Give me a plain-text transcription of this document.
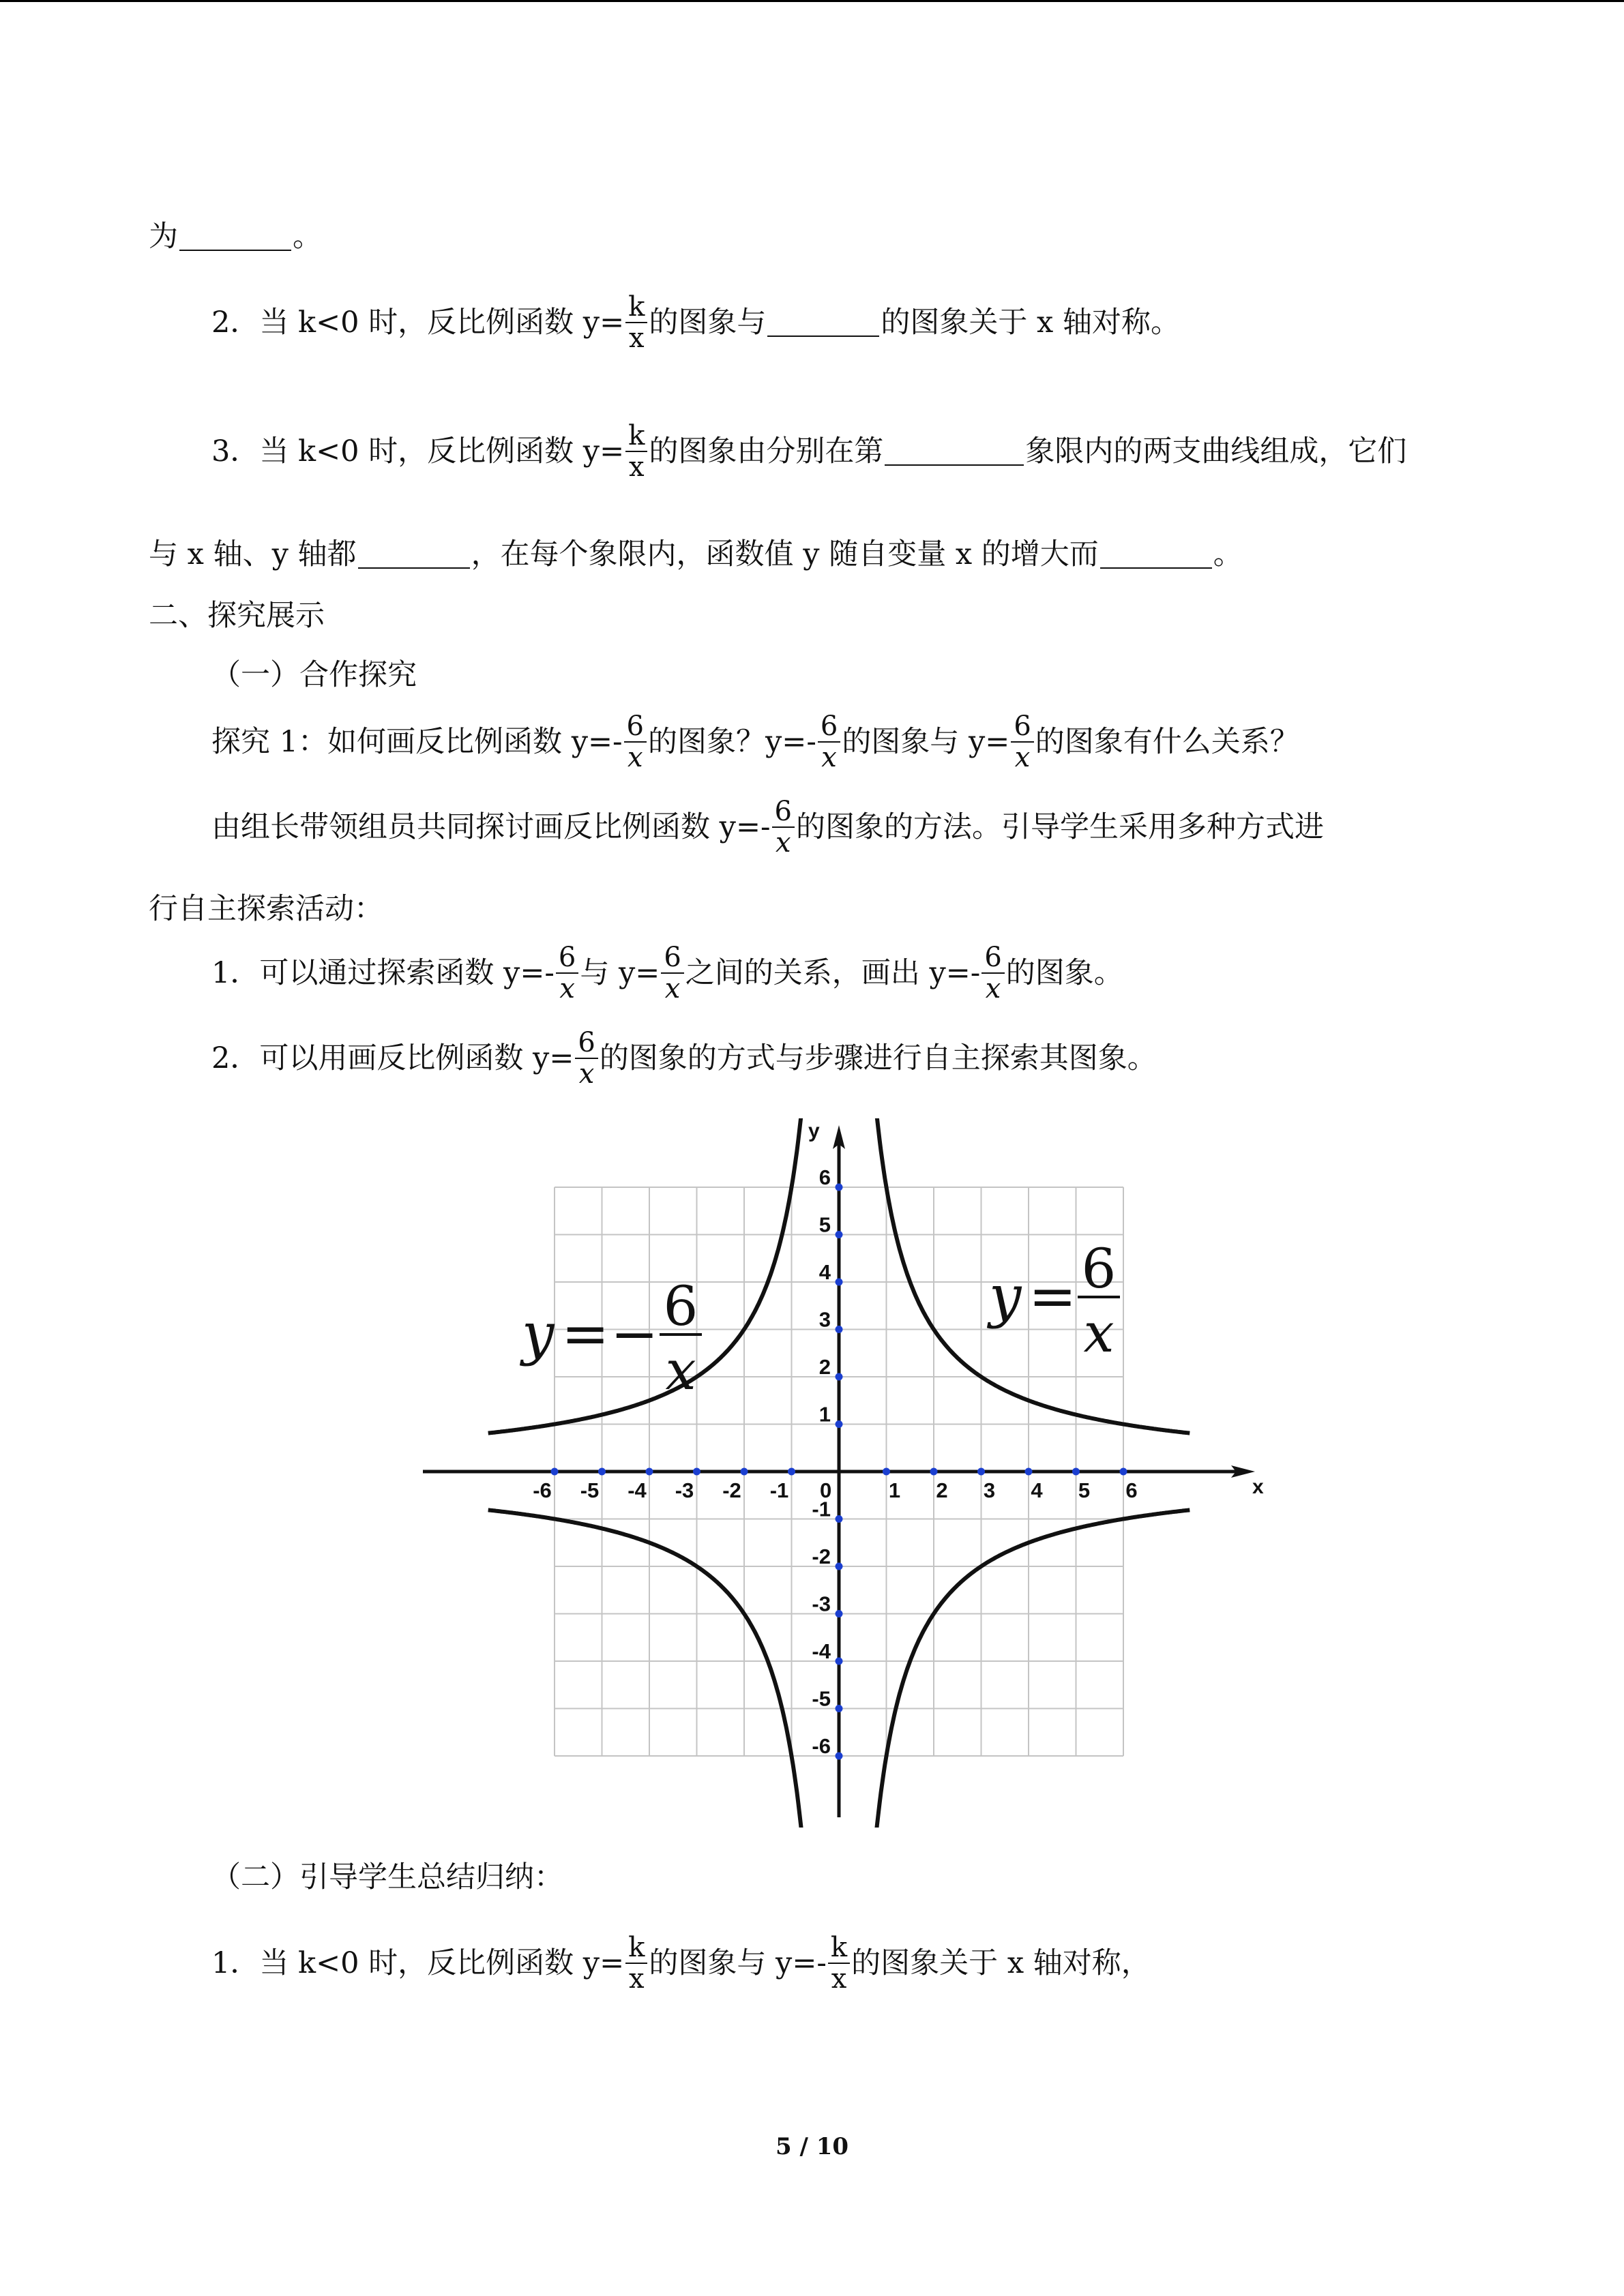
为	。
2．当 k<0 时，反比例函数 $y= \frac{k}{x}$ 的图象与	的图象关于 x 轴对称。
3．当 k<0 时，反比例函数 $y= \frac{k}{x}$ 的图象由分别在第	象限内的两支曲线组成，它们
与 x 轴、y 轴都	，在每个象限内，函数值 y 随自变量 x 的增大而	。
二、探究展示
（一）合作探究
探究 1：如何画反比例函数 $y=- \frac{6}{x}$ 的图象？$y=- \frac{6}{x}$ 的图象与 $y= \frac{6}{x}$ 的图象有什么关系？
由组长带领组员共同探讨画反比例函数 $y=- \frac{6}{x}$ 的图象的方法。引导学生采用多种方式进
行自主探索活动：
1．可以通过探索函数 $y=- \frac{6}{x}$ 与 $y= \frac{6}{x}$ 之间的关系，画出 $y=- \frac{6}{x}$ 的图象。
2．可以用画反比例函数 $y= \frac{6}{x}$ 的图象的方式与步骤进行自主探索其图象。
x
y
-6 -5 -4 -3 -2 -1 0	1 2 3 4 5 6
6
5
4
3
2
1
-1
-2
-3
-4
-5
-6
y = − 6
x
y = 6
x
（二）引导学生总结归纳：
1．当 k<0 时，反比例函数 $y= \frac{k}{x}$ 的图象与 $y=- \frac{k}{x}$ 的图象关于 x 轴对称，
5 / 10
